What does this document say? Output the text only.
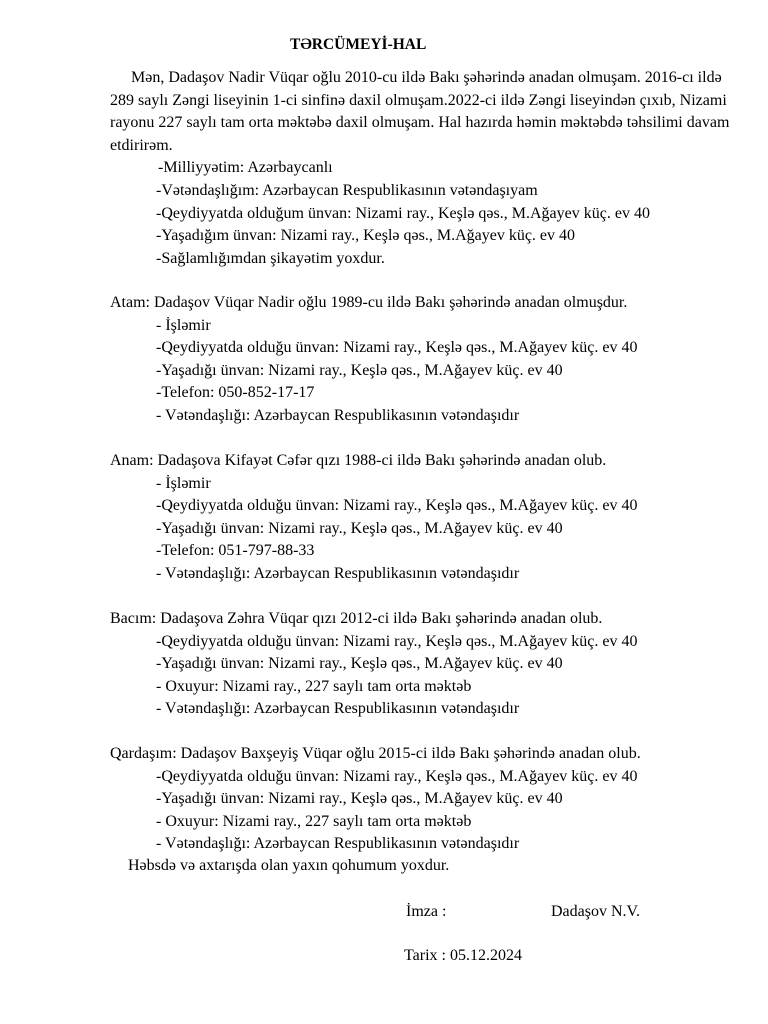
TƏRCÜMEYİ-HAL

Mən, Dadaşov Nadir Vüqar oğlu 2010-cu ildə Bakı şəhərində anadan olmuşam. 2016-cı ildə 289 saylı Zəngi liseyinin 1-ci sinfinə daxil olmuşam.2022-ci ildə Zəngi liseyindən çıxıb, Nizami rayonu 227 saylı tam orta məktəbə daxil olmuşam. Hal hazırda həmin məktəbdə təhsilimi davam etdirirəm.

-Milliyyətim: Azərbaycanlı
-Vətəndaşlığım: Azərbaycan Respublikasının vətəndaşıyam
-Qeydiyyatda olduğum ünvan: Nizami ray., Keşlə qəs., M.Ağayev küç. ev 40
-Yaşadığım ünvan: Nizami ray., Keşlə qəs., M.Ağayev küç. ev 40
-Sağlamlığımdan şikayətim yoxdur.
Atam: Dadaşov Vüqar Nadir oğlu 1989-cu ildə Bakı şəhərində anadan olmuşdur.
- İşləmir
-Qeydiyyatda olduğu ünvan: Nizami ray., Keşlə qəs., M.Ağayev küç. ev 40
-Yaşadığı ünvan: Nizami ray., Keşlə qəs., M.Ağayev küç. ev 40
-Telefon: 050-852-17-17
- Vətəndaşlığı: Azərbaycan Respublikasının vətəndaşıdır
Anam: Dadaşova Kifayət Cəfər qızı 1988-ci ildə Bakı şəhərində anadan olub.
- İşləmir
-Qeydiyyatda olduğu ünvan: Nizami ray., Keşlə qəs., M.Ağayev küç. ev 40
-Yaşadığı ünvan: Nizami ray., Keşlə qəs., M.Ağayev küç. ev 40
-Telefon: 051-797-88-33
- Vətəndaşlığı: Azərbaycan Respublikasının vətəndaşıdır
Bacım: Dadaşova Zəhra Vüqar qızı 2012-ci ildə Bakı şəhərində anadan olub.
-Qeydiyyatda olduğu ünvan: Nizami ray., Keşlə qəs., M.Ağayev küç. ev 40
-Yaşadığı ünvan: Nizami ray., Keşlə qəs., M.Ağayev küç. ev 40
- Oxuyur: Nizami ray., 227 saylı tam orta məktəb
- Vətəndaşlığı: Azərbaycan Respublikasının vətəndaşıdır
Qardaşım: Dadaşov Baxşeyiş Vüqar oğlu 2015-ci ildə Bakı şəhərində anadan olub.
-Qeydiyyatda olduğu ünvan: Nizami ray., Keşlə qəs., M.Ağayev küç. ev 40
-Yaşadığı ünvan: Nizami ray., Keşlə qəs., M.Ağayev küç. ev 40
- Oxuyur: Nizami ray., 227 saylı tam orta məktəb
- Vətəndaşlığı: Azərbaycan Respublikasının vətəndaşıdır
Həbsdə və axtarışda olan yaxın qohumum yoxdur.
İmza :	Dadaşov N.V.
Tarix : 05.12.2024
